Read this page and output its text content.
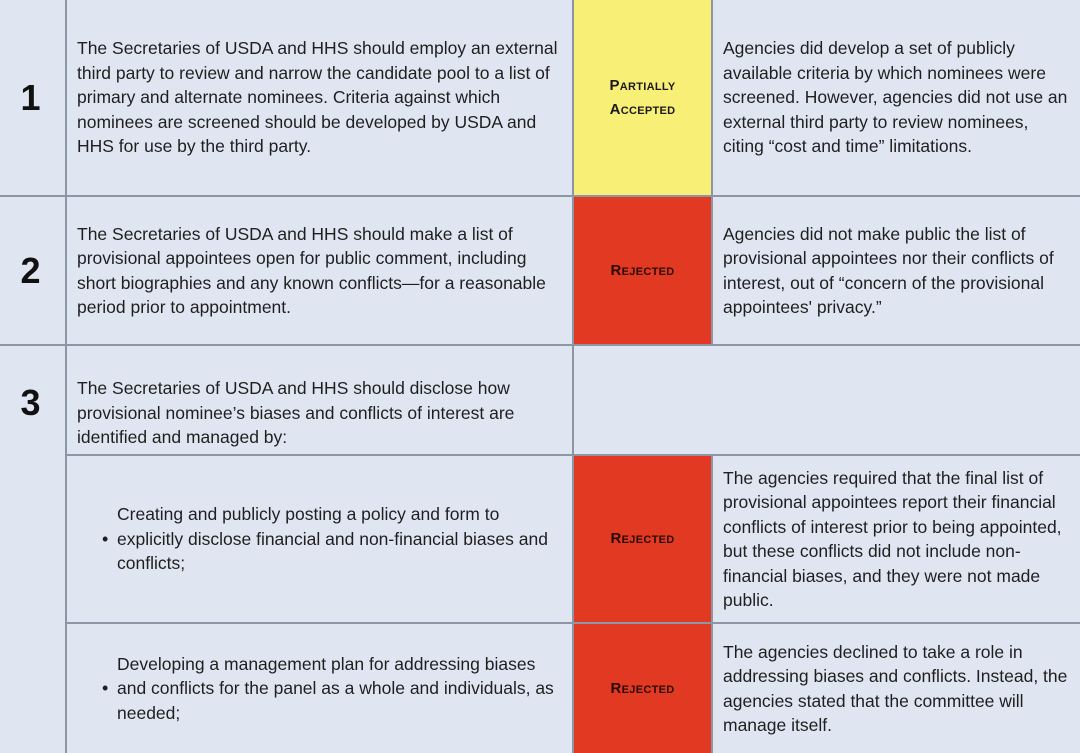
1
The Secretaries of USDA and HHS should employ an external third party to review and narrow the candidate pool to a list of primary and alternate nominees. Criteria against which nominees are screened should be developed by USDA and HHS for use by the third party.
Partially
Accepted
Agencies did develop a set of publicly available criteria by which nominees were screened. However, agencies did not use an external third party to review nominees, citing “cost and time” limitations.
2
The Secretaries of USDA and HHS should make a list of provisional appointees open for public comment, including short biographies and any known conflicts—for a reasonable period prior to appointment.
Rejected
Agencies did not make public the list of provisional appointees nor their conflicts of interest, out of “concern of the provisional appointees' privacy.”
3	The Secretaries of USDA and HHS should disclose how provisional nominee’s biases and conflicts of interest are identified and managed by:
•
Creating and publicly posting a policy and form to explicitly disclose financial and non-financial biases and conflicts;
Rejected
The agencies required that the final list of provisional appointees report their financial conflicts of interest prior to being appointed, but these conflicts did not include non-financial biases, and they were not made public.
•
Developing a management plan for addressing biases and conflicts for the panel as a whole and individuals, as needed;
Rejected
The agencies declined to take a role in addressing biases and conflicts. Instead, the agencies stated that the committee will manage itself.
